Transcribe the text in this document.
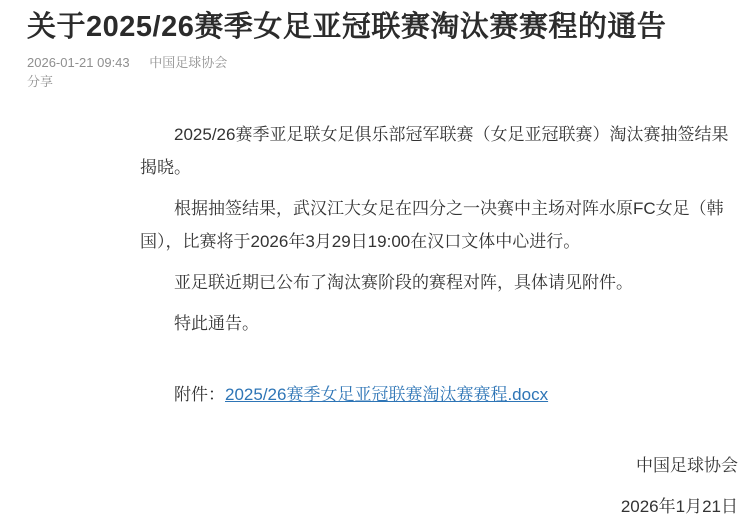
关于2025/26赛季女足亚冠联赛淘汰赛赛程的通告
2026-01-21 09:43 中国足球协会
分享

2025/26赛季亚足联女足俱乐部冠军联赛（女足亚冠联赛）淘汰赛抽签结果揭晓。

根据抽签结果，武汉江大女足在四分之一决赛中主场对阵水原FC女足（韩国），比赛将于2026年3月29日19:00在汉口文体中心进行。

亚足联近期已公布了淘汰赛阶段的赛程对阵，具体请见附件。

特此通告。

附件：2025/26赛季女足亚冠联赛淘汰赛赛程.docx

中国足球协会

2026年1月21日
